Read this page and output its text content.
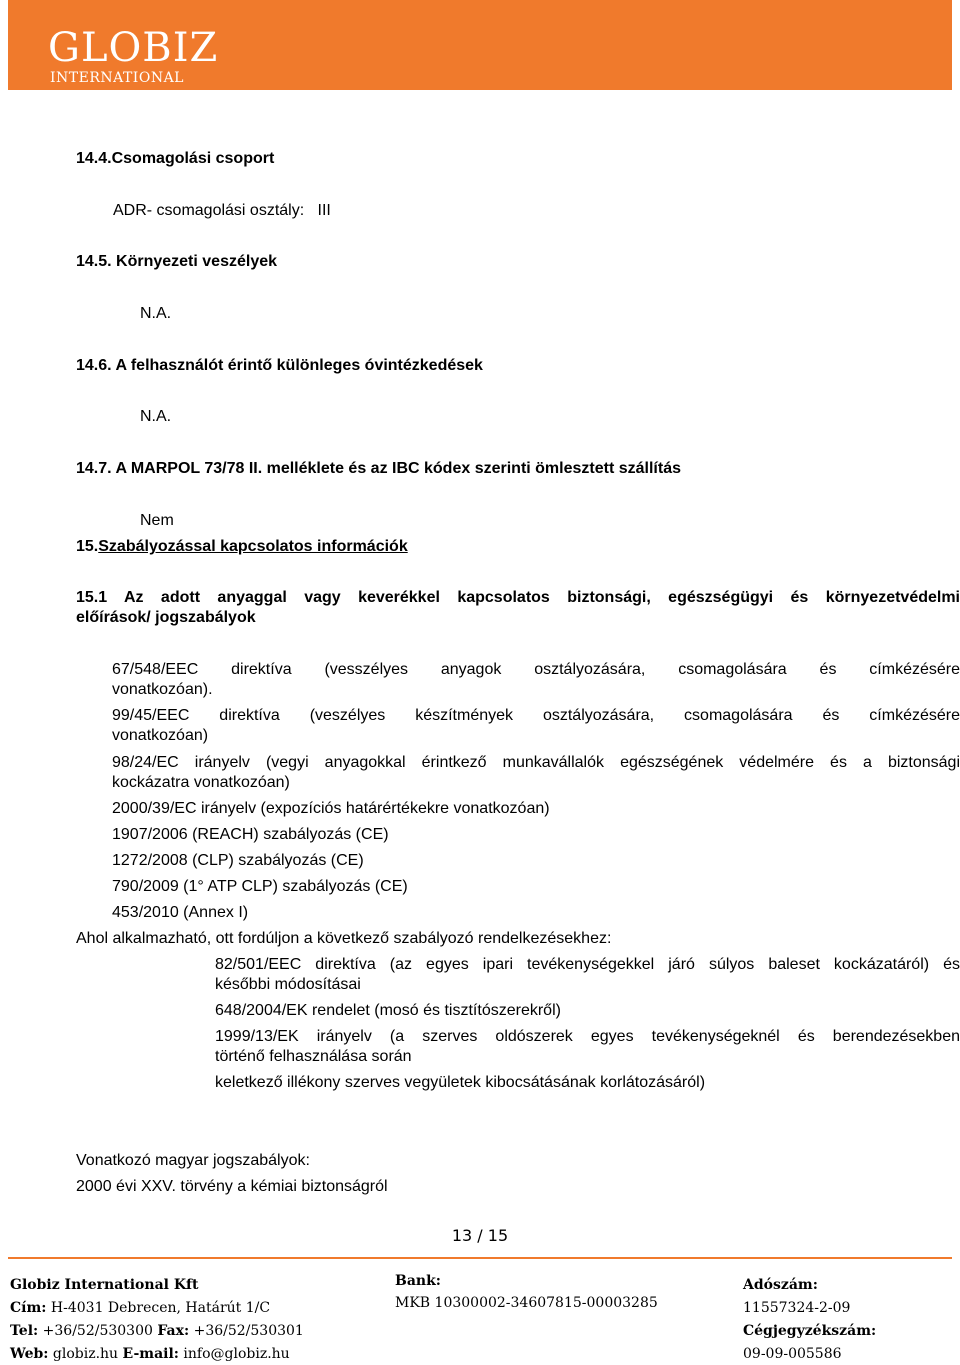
GLOBIZ
INTERNATIONAL
14.4.Csomagolási csoport
ADR- csomagolási osztály:   III
14.5. Környezeti veszélyek
N.A.
14.6. A felhasználót érintő különleges óvintézkedések
N.A.
14.7. A MARPOL 73/78 II. melléklete és az IBC kódex szerinti ömlesztett szállítás
Nem
15.Szabályozással kapcsolatos információk
15.1 Az adott anyaggal vagy keverékkel kapcsolatos biztonsági, egészségügyi és környezetvédelmi
előírások/ jogszabályok
67/548/EEC direktíva (vesszélyes anyagok osztályozására, csomagolására és címkézésére
vonatkozóan).
99/45/EEC direktíva (veszélyes készítmények osztályozására, csomagolására és címkézésére
vonatkozóan)
98/24/EC irányelv (vegyi anyagokkal érintkező munkavállalók egészségének védelmére és a biztonsági
kockázatra vonatkozóan)
2000/39/EC irányelv (expozíciós határértékekre vonatkozóan)
1907/2006 (REACH) szabályozás (CE)
1272/2008 (CLP) szabályozás (CE)
790/2009 (1° ATP CLP) szabályozás (CE)
453/2010 (Annex I)
Ahol alkalmazható, ott fordúljon a következő szabályozó rendelkezésekhez:
82/501/EEC direktíva (az egyes ipari tevékenységekkel járó súlyos baleset kockázatáról) és
későbbi módosításai
648/2004/EK rendelet (mosó és tisztítószerekről)
1999/13/EK irányelv (a szerves oldószerek egyes tevékenységeknél és berendezésekben
történő felhasználása során
keletkező illékony szerves vegyületek kibocsátásának korlátozásáról)
Vonatkozó magyar jogszabályok:
2000 évi XXV. törvény a kémiai biztonságról
13 / 15
Globiz International Kft
Cím: H-4031 Debrecen, Határút 1/C
Tel: +36/52/530300 Fax: +36/52/530301
Web: globiz.hu E-mail: info@globiz.hu
Bank:
MKB 10300002-34607815-00003285
Adószám:
11557324-2-09
Cégjegyzékszám:
09-09-005586
